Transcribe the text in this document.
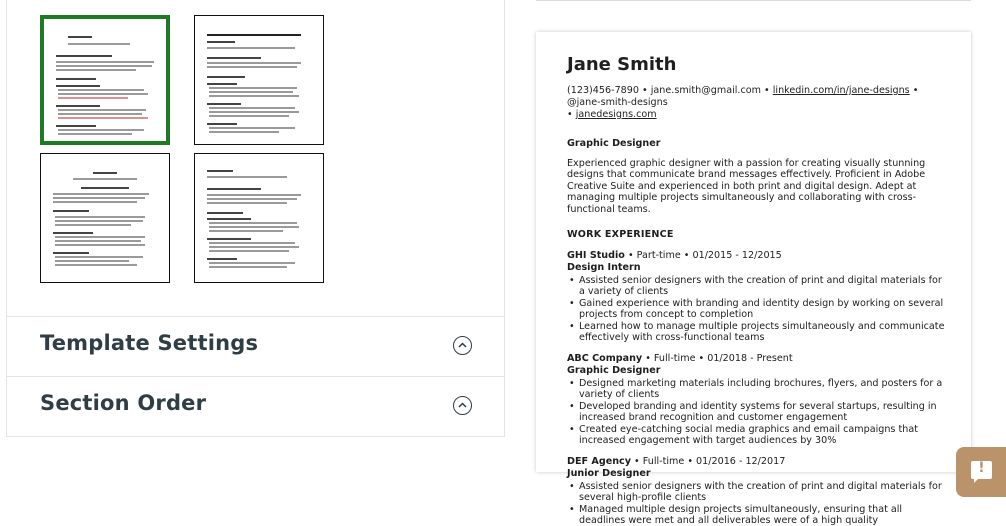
Template Settings
Section Order
Jane Smith
(123)456-7890 • jane.smith@gmail.com • linkedin.com/in/jane-designs • @jane-smith-designs
• janedesigns.com
Graphic Designer
Experienced graphic designer with a passion for creating visually stunning designs that communicate brand messages effectively. Proficient in Adobe Creative Suite and experienced in both print and digital design. Adept at managing multiple projects simultaneously and collaborating with cross-functional teams.
WORK EXPERIENCE
GHI Studio • Part-time • 01/2015 - 12/2015
Design Intern
• Assisted senior designers with the creation of print and digital materials for a variety of clients
• Gained experience with branding and identity design by working on several projects from concept to completion
• Learned how to manage multiple projects simultaneously and communicate effectively with cross-functional teams
ABC Company • Full-time • 01/2018 - Present
Graphic Designer
• Designed marketing materials including brochures, flyers, and posters for a variety of clients
• Developed branding and identity systems for several startups, resulting in increased brand recognition and customer engagement
• Created eye-catching social media graphics and email campaigns that increased engagement with target audiences by 30%
DEF Agency • Full-time • 01/2016 - 12/2017
Junior Designer
• Assisted senior designers with the creation of print and digital materials for several high-profile clients
• Managed multiple design projects simultaneously, ensuring that all deadlines were met and all deliverables were of a high quality
!
